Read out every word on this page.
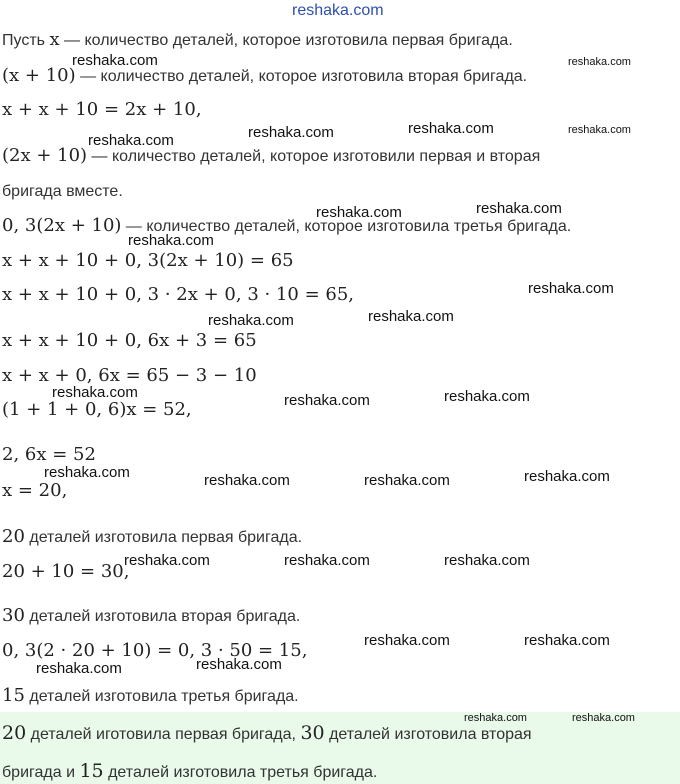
reshaka.com
Пусть x — количество деталей, которое изготовила первая бригада.
(x + 10) — количество деталей, которое изготовила вторая бригада.
x + x + 10 = 2x + 10,
(2x + 10) — количество деталей, которое изготовили первая и вторая
бригада вместе.
0, 3(2x + 10) — количество деталей, которое изготовила третья бригада.
x + x + 10 + 0, 3(2x + 10) = 65
x + x + 10 + 0, 3 · 2x + 0, 3 · 10 = 65,
x + x + 10 + 0, 6x + 3 = 65
x + x + 0, 6x = 65 − 3 − 10
(1 + 1 + 0, 6)x = 52,
2, 6x = 52
x = 20,
20 деталей изготовила первая бригада.
20 + 10 = 30,
30 деталей изготовила вторая бригада.
0, 3(2 · 20 + 10) = 0, 3 · 50 = 15,
15 деталей изготовила третья бригада.
20 деталей иготовила первая бригада, 30 деталей изготовила вторая
бригада и 15 деталей изготовила третья бригада.
reshaka.com	reshaka.com
reshaka.com	reshaka.com	reshaka.com	reshaka.com
reshaka.com	reshaka.com
reshaka.com
reshaka.com
reshaka.com	reshaka.com
reshaka.com	reshaka.com	reshaka.com
reshaka.com	reshaka.com	reshaka.com	reshaka.com
reshaka.com	reshaka.com	reshaka.com
reshaka.com	reshaka.com
reshaka.com	reshaka.com
reshaka.com	reshaka.com
